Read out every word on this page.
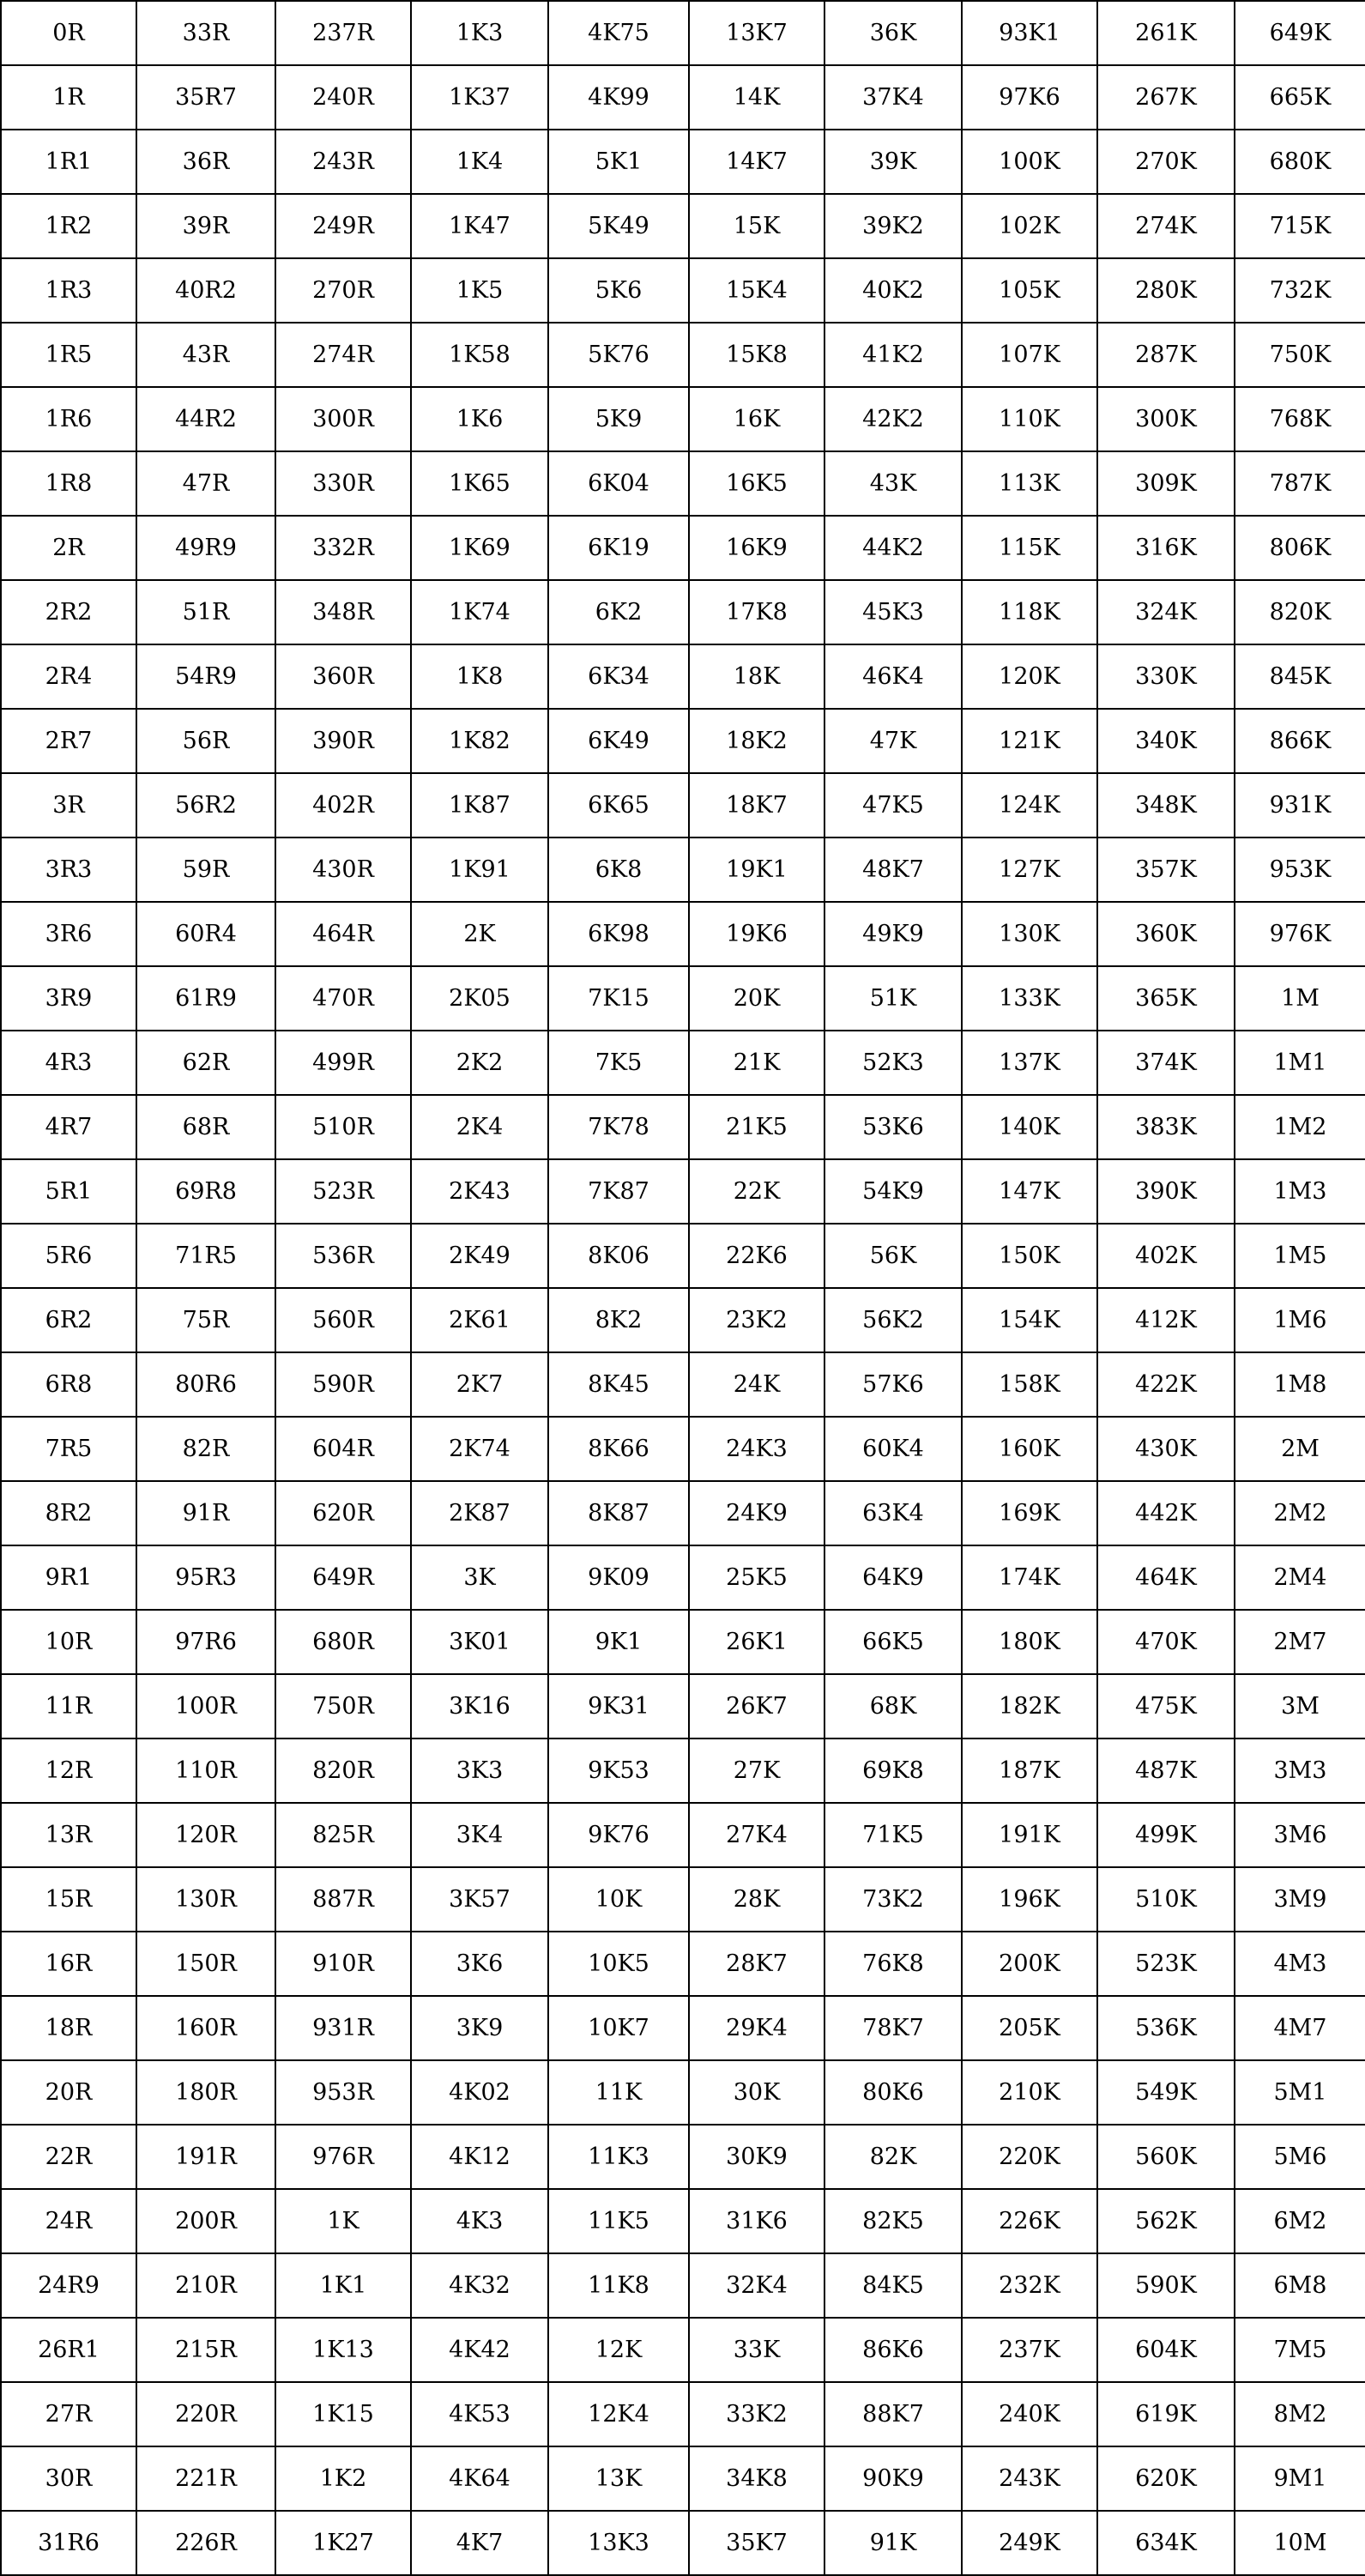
0R	33R	237R	1K3	4K75	13K7	36K	93K1	261K	649K
1R	35R7	240R	1K37	4K99	14K	37K4	97K6	267K	665K
1R1	36R	243R	1K4	5K1	14K7	39K	100K	270K	680K
1R2	39R	249R	1K47	5K49	15K	39K2	102K	274K	715K
1R3	40R2	270R	1K5	5K6	15K4	40K2	105K	280K	732K
1R5	43R	274R	1K58	5K76	15K8	41K2	107K	287K	750K
1R6	44R2	300R	1K6	5K9	16K	42K2	110K	300K	768K
1R8	47R	330R	1K65	6K04	16K5	43K	113K	309K	787K
2R	49R9	332R	1K69	6K19	16K9	44K2	115K	316K	806K
2R2	51R	348R	1K74	6K2	17K8	45K3	118K	324K	820K
2R4	54R9	360R	1K8	6K34	18K	46K4	120K	330K	845K
2R7	56R	390R	1K82	6K49	18K2	47K	121K	340K	866K
3R	56R2	402R	1K87	6K65	18K7	47K5	124K	348K	931K
3R3	59R	430R	1K91	6K8	19K1	48K7	127K	357K	953K
3R6	60R4	464R	2K	6K98	19K6	49K9	130K	360K	976K
3R9	61R9	470R	2K05	7K15	20K	51K	133K	365K	1M
4R3	62R	499R	2K2	7K5	21K	52K3	137K	374K	1M1
4R7	68R	510R	2K4	7K78	21K5	53K6	140K	383K	1M2
5R1	69R8	523R	2K43	7K87	22K	54K9	147K	390K	1M3
5R6	71R5	536R	2K49	8K06	22K6	56K	150K	402K	1M5
6R2	75R	560R	2K61	8K2	23K2	56K2	154K	412K	1M6
6R8	80R6	590R	2K7	8K45	24K	57K6	158K	422K	1M8
7R5	82R	604R	2K74	8K66	24K3	60K4	160K	430K	2M
8R2	91R	620R	2K87	8K87	24K9	63K4	169K	442K	2M2
9R1	95R3	649R	3K	9K09	25K5	64K9	174K	464K	2M4
10R	97R6	680R	3K01	9K1	26K1	66K5	180K	470K	2M7
11R	100R	750R	3K16	9K31	26K7	68K	182K	475K	3M
12R	110R	820R	3K3	9K53	27K	69K8	187K	487K	3M3
13R	120R	825R	3K4	9K76	27K4	71K5	191K	499K	3M6
15R	130R	887R	3K57	10K	28K	73K2	196K	510K	3M9
16R	150R	910R	3K6	10K5	28K7	76K8	200K	523K	4M3
18R	160R	931R	3K9	10K7	29K4	78K7	205K	536K	4M7
20R	180R	953R	4K02	11K	30K	80K6	210K	549K	5M1
22R	191R	976R	4K12	11K3	30K9	82K	220K	560K	5M6
24R	200R	1K	4K3	11K5	31K6	82K5	226K	562K	6M2
24R9	210R	1K1	4K32	11K8	32K4	84K5	232K	590K	6M8
26R1	215R	1K13	4K42	12K	33K	86K6	237K	604K	7M5
27R	220R	1K15	4K53	12K4	33K2	88K7	240K	619K	8M2
30R	221R	1K2	4K64	13K	34K8	90K9	243K	620K	9M1
31R6	226R	1K27	4K7	13K3	35K7	91K	249K	634K	10M
